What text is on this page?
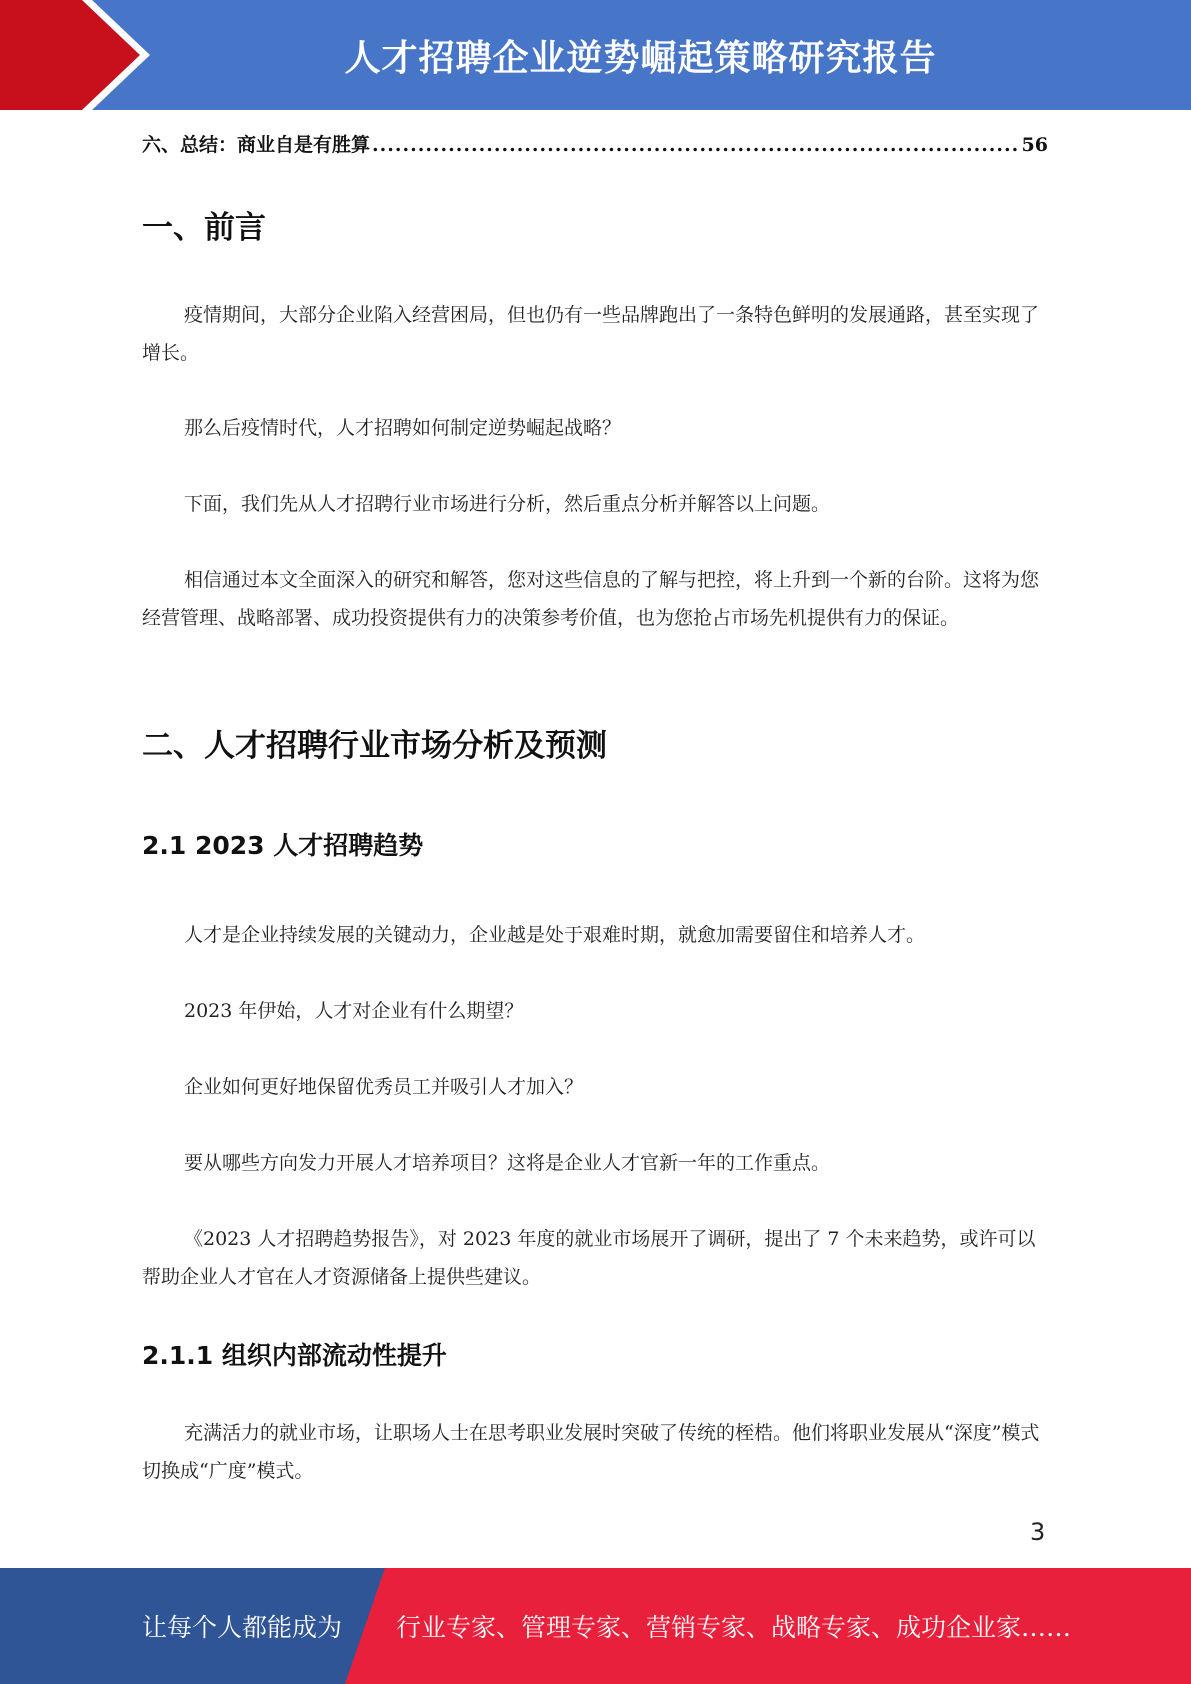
人才招聘企业逆势崛起策略研究报告
六、总结：商业自是有胜算
.....	56
一、前言

疫情期间，大部分企业陷入经营困局，但也仍有一些品牌跑出了一条特色鲜明的发展通路，甚至实现了增长。

那么后疫情时代，人才招聘如何制定逆势崛起战略？

下面，我们先从人才招聘行业市场进行分析，然后重点分析并解答以上问题。

相信通过本文全面深入的研究和解答，您对这些信息的了解与把控，将上升到一个新的台阶。这将为您经营管理、战略部署、成功投资提供有力的决策参考价值，也为您抢占市场先机提供有力的保证。

二、人才招聘行业市场分析及预测
2.1 2023 人才招聘趋势

人才是企业持续发展的关键动力，企业越是处于艰难时期，就愈加需要留住和培养人才。

2023 年伊始，人才对企业有什么期望？

企业如何更好地保留优秀员工并吸引人才加入？

要从哪些方向发力开展人才培养项目？这将是企业人才官新一年的工作重点。

《2023 人才招聘趋势报告》，对 2023 年度的就业市场展开了调研，提出了 7 个未来趋势，或许可以帮助企业人才官在人才资源储备上提供些建议。

2.1.1 组织内部流动性提升

充满活力的就业市场，让职场人士在思考职业发展时突破了传统的桎梏。他们将职业发展从“深度”模式切换成“广度”模式。

3
让每个人都能成为 行业专家、管理专家、营销专家、战略专家、成功企业家……
